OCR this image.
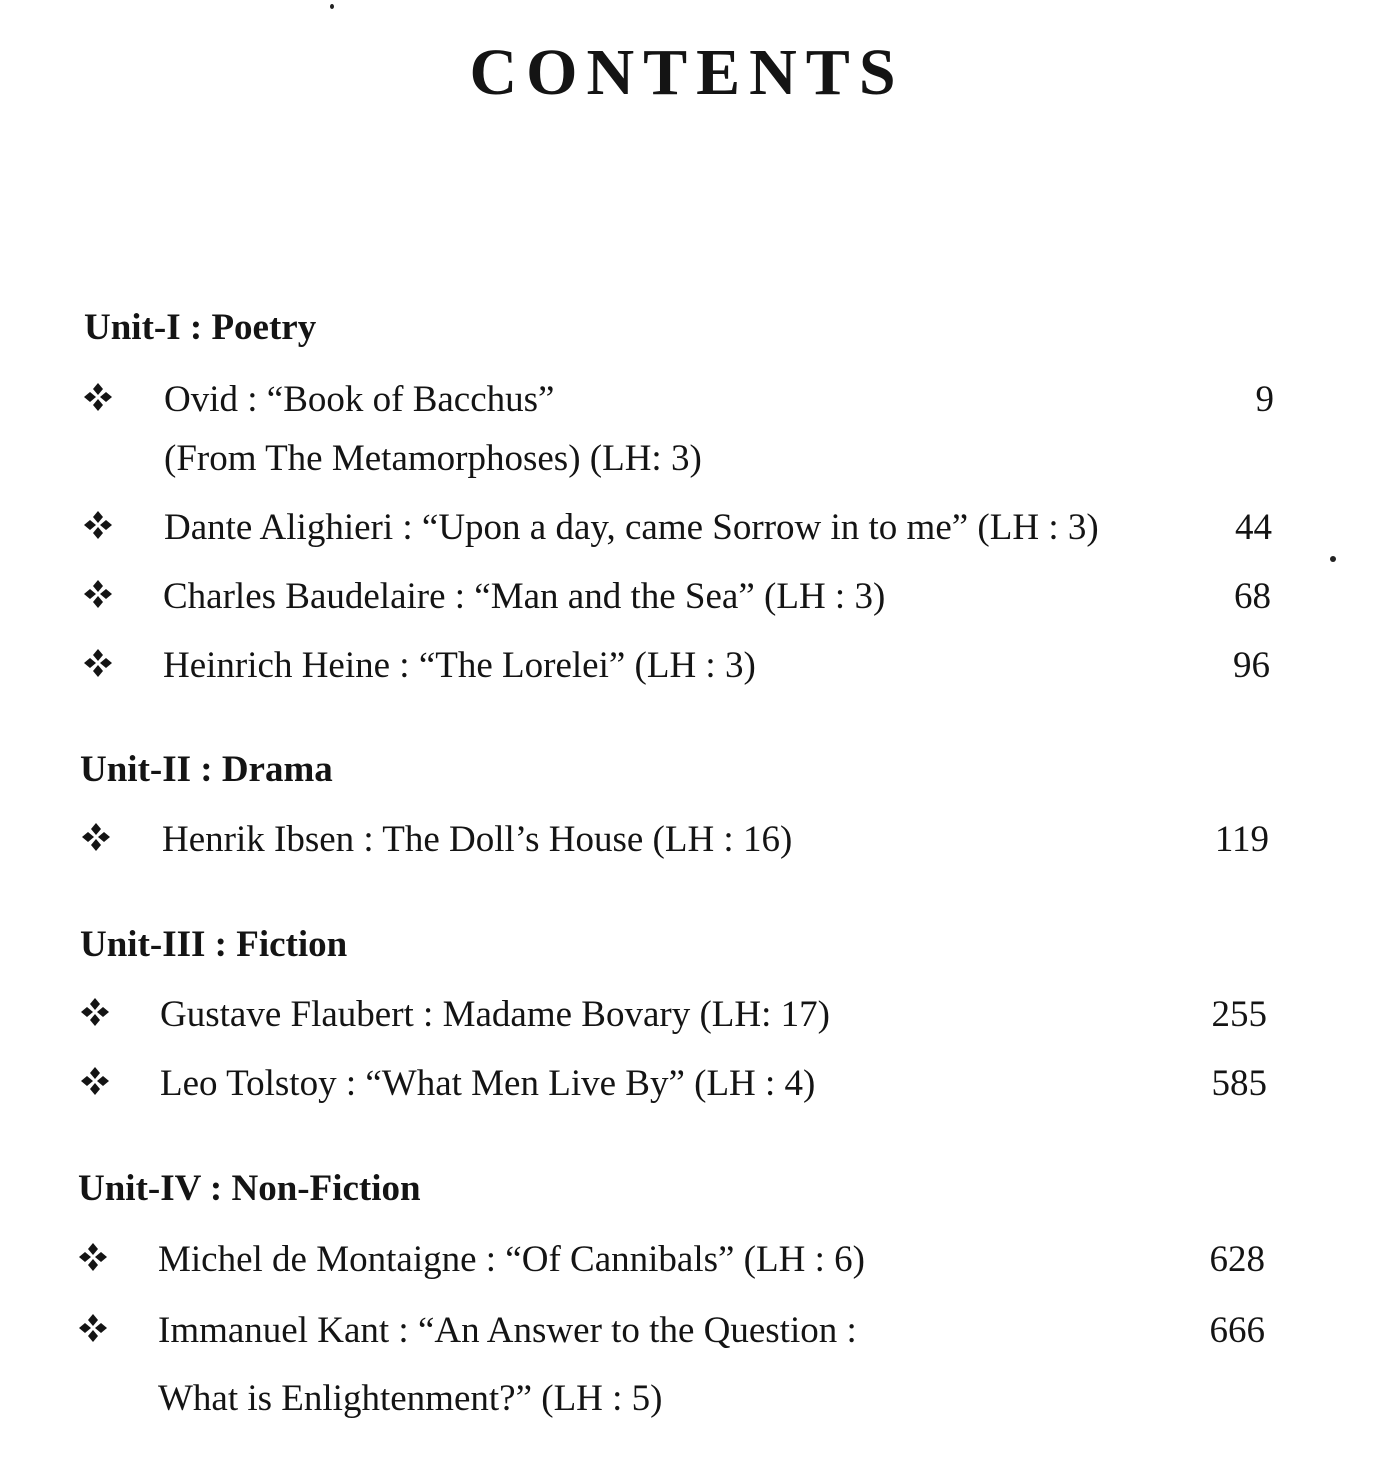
CONTENTS
Unit-I : Poetry
Ovid : “Book of Bacchus”
(From The Metamorphoses) (LH: 3)
9
Dante Alighieri : “Upon a day, came Sorrow in to me” (LH : 3)	44
Charles Baudelaire : “Man and the Sea” (LH : 3)	68
Heinrich Heine : “The Lorelei” (LH : 3)	96
Unit-II : Drama
Henrik Ibsen : The Doll’s House (LH : 16)	119
Unit-III : Fiction
Gustave Flaubert : Madame Bovary (LH: 17)	255
Leo Tolstoy : “What Men Live By” (LH : 4)	585
Unit-IV : Non-Fiction
Michel de Montaigne : “Of Cannibals” (LH : 6)	628
Immanuel Kant : “An Answer to the Question :
What is Enlightenment?” (LH : 5)
666
